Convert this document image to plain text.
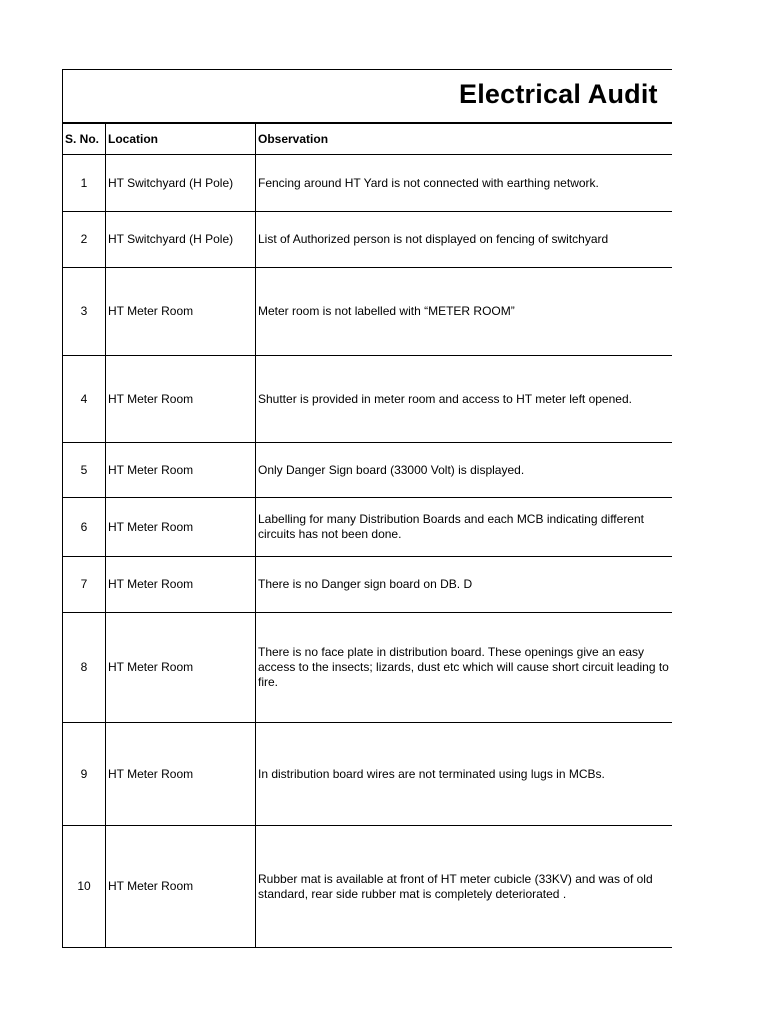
Electrical Audit
S. No.	Location	Observation
1	HT Switchyard (H Pole)	Fencing around HT Yard is not connected with earthing network.
2	HT Switchyard (H Pole)	List of Authorized person is not displayed on fencing of switchyard
3	HT Meter Room	Meter room is not labelled with “METER ROOM”
4	HT Meter Room	Shutter is provided in meter room and access to HT meter left opened.
5	HT Meter Room	Only Danger Sign board (33000 Volt) is displayed.
6	HT Meter Room	Labelling for many Distribution Boards and each MCB indicating different circuits has not been done.
7	HT Meter Room	There is no Danger sign board on DB. D
8	HT Meter Room	There is no face plate in distribution board. These openings give an easy access to the insects; lizards, dust etc which will cause short circuit leading to fire.
9	HT Meter Room	In distribution board wires are not terminated using lugs in MCBs.
10	HT Meter Room	Rubber mat is available at front of HT meter cubicle (33KV) and was of old standard, rear side rubber mat is completely deteriorated .
